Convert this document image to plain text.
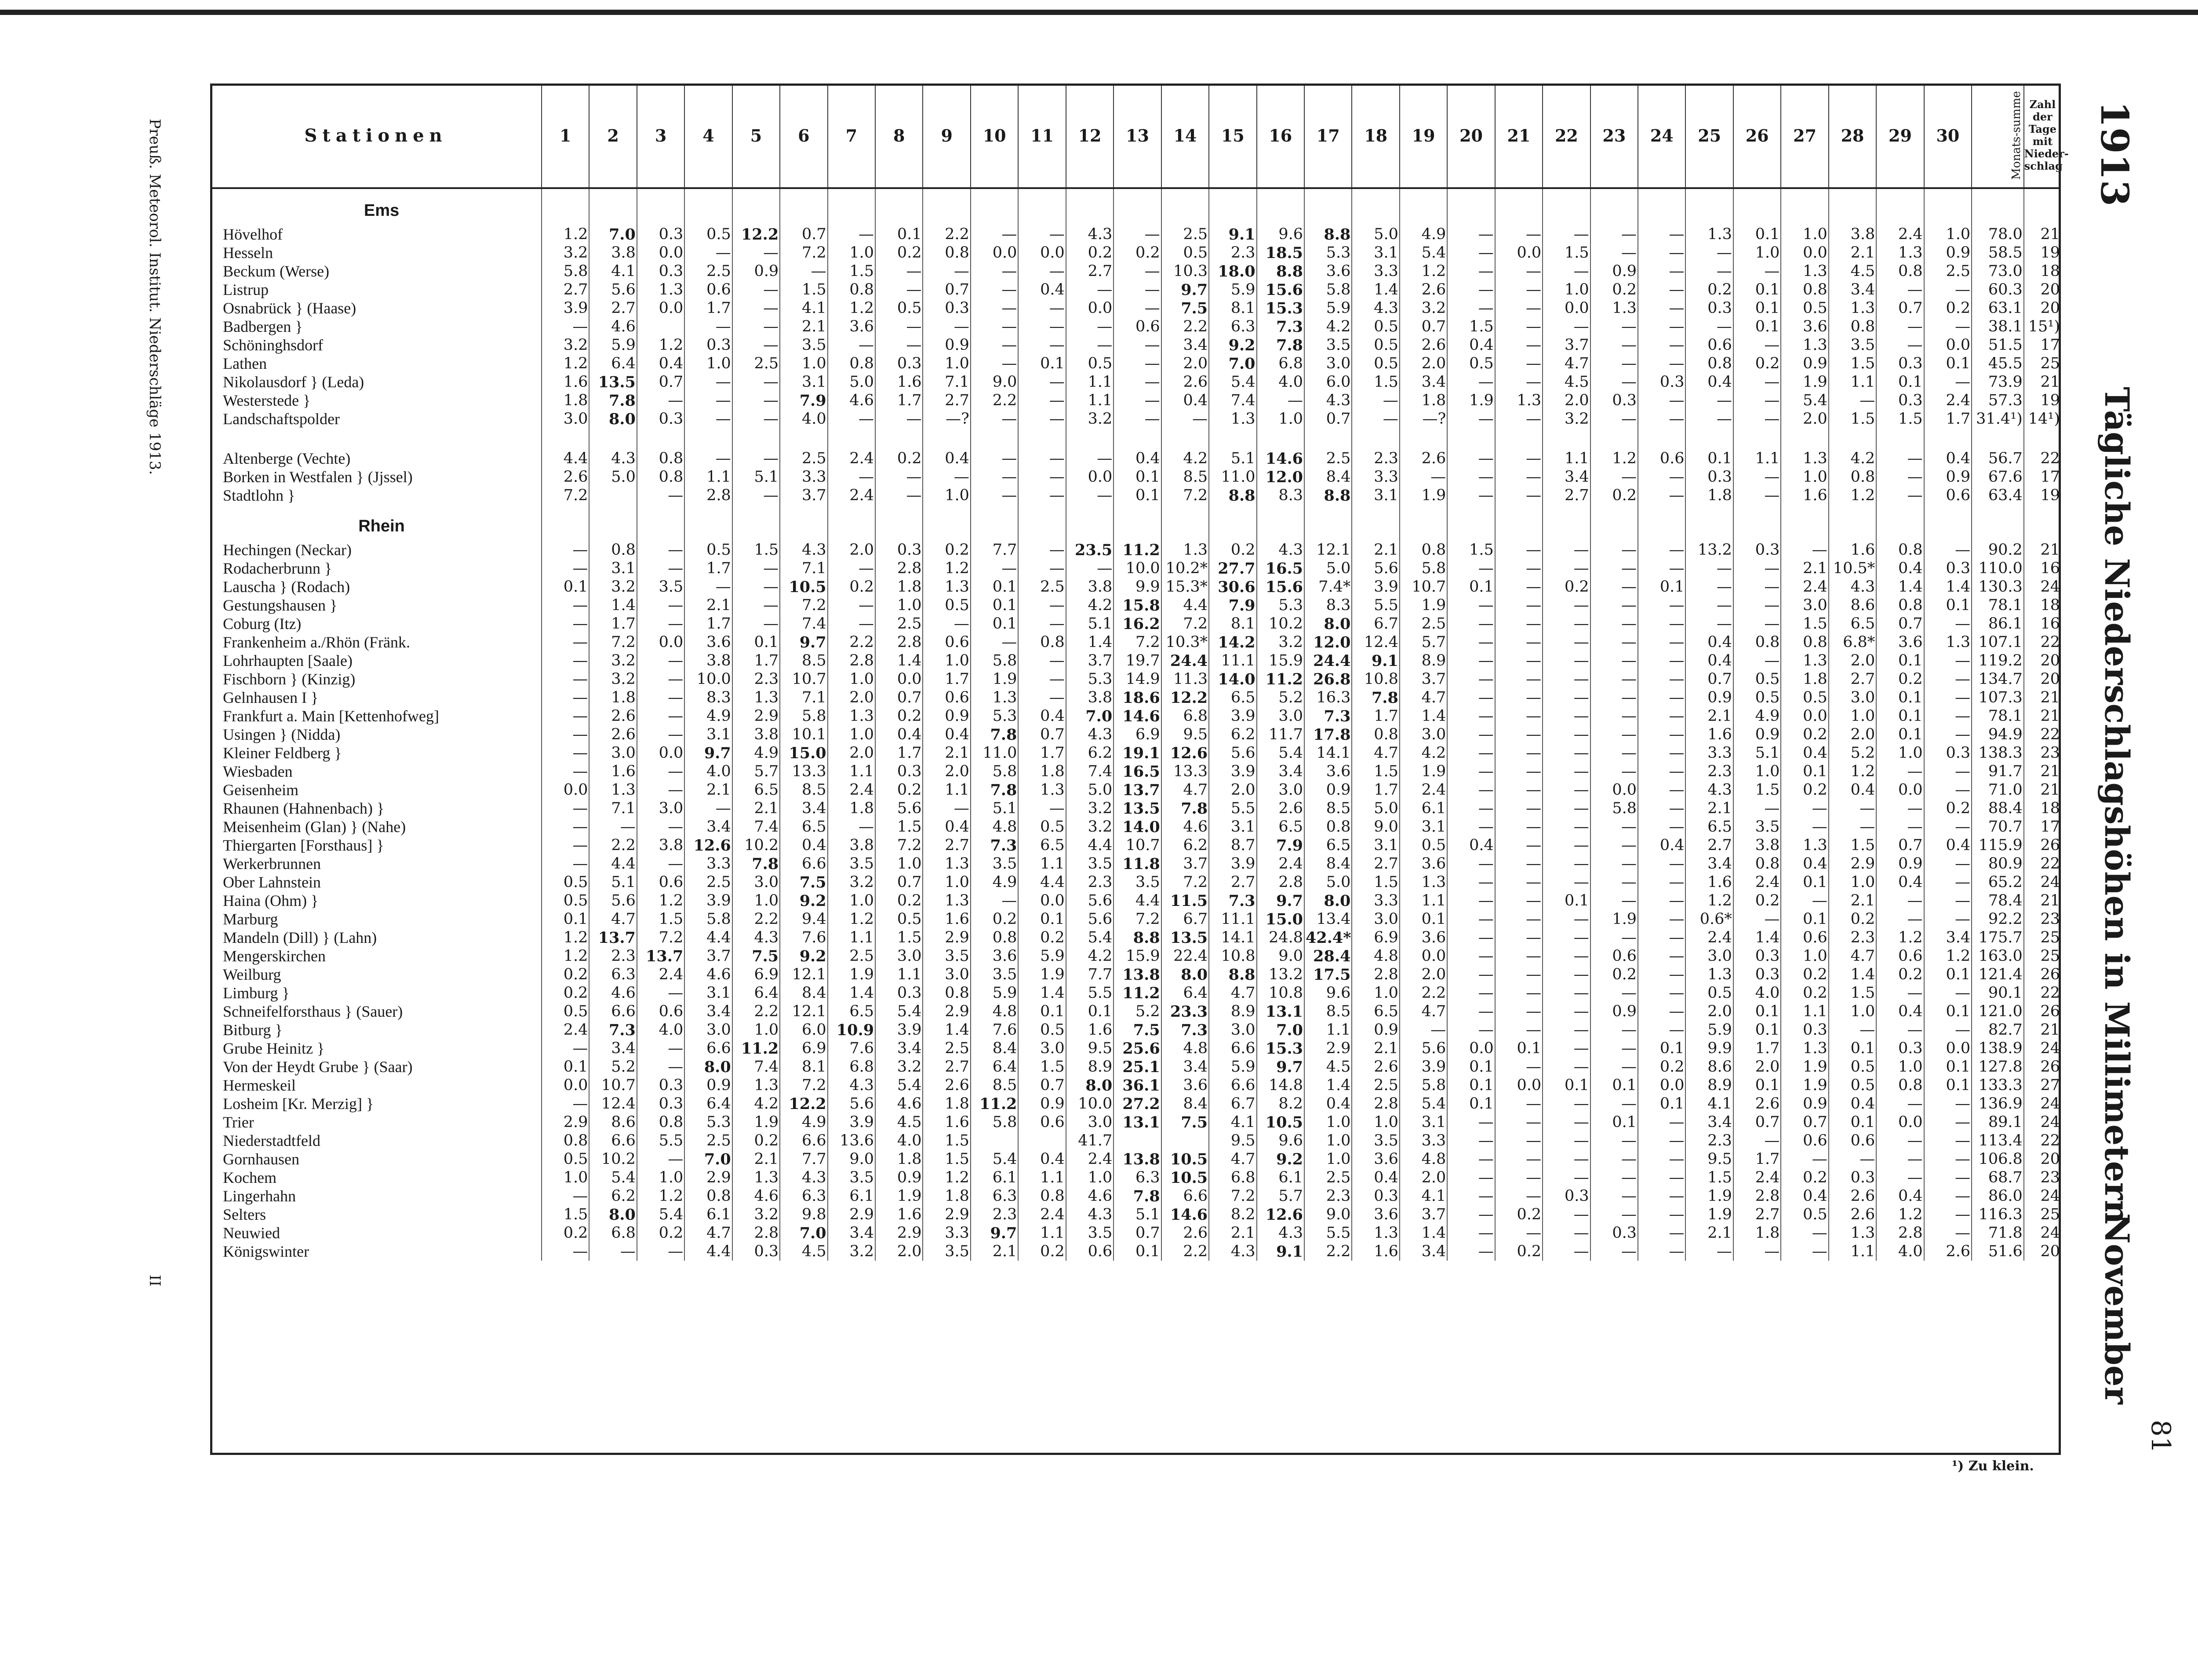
Preuß. Meteorol. Institut. Niederschläge 1913.
II
1913
Tägliche Niederschlagshöhen in Millimetern
November
81
Stationen	1	2	3	4	5	6	7	8	9	10	11	12	13	14	15	16	17	18	19	20	21	22	23	24	25	26	27	28	29	30	Monats-summe	Zahl der Tage mit Nieder-schlag
Ems																																
Hövelhof	1.2	7.0	0.3	0.5	12.2	0.7	—	0.1	2.2	—	—	4.3	—	2.5	9.1	9.6	8.8	5.0	4.9	—	—	—	—	—	1.3	0.1	1.0	3.8	2.4	1.0	78.0	21
Hesseln	3.2	3.8	0.0	—	—	7.2	1.0	0.2	0.8	0.0	0.0	0.2	0.2	0.5	2.3	18.5	5.3	3.1	5.4	—	0.0	1.5	—	—	—	1.0	0.0	2.1	1.3	0.9	58.5	19
Beckum (Werse)	5.8	4.1	0.3	2.5	0.9	—	1.5	—	—	—	—	2.7	—	10.3	18.0	8.8	3.6	3.3	1.2	—	—	—	0.9	—	—	—	1.3	4.5	0.8	2.5	73.0	18
Listrup	2.7	5.6	1.3	0.6	—	1.5	0.8	—	0.7	—	0.4	—	—	9.7	5.9	15.6	5.8	1.4	2.6	—	—	1.0	0.2	—	0.2	0.1	0.8	3.4	—	—	60.3	20
Osnabrück } (Haase)	3.9	2.7	0.0	1.7	—	4.1	1.2	0.5	0.3	—	—	0.0	—	7.5	8.1	15.3	5.9	4.3	3.2	—	—	0.0	1.3	—	0.3	0.1	0.5	1.3	0.7	0.2	63.1	20
Badbergen }	—	4.6		—	—	2.1	3.6	—	—	—	—	—	0.6	2.2	6.3	7.3	4.2	0.5	0.7	1.5	—	—	—	—	—	0.1	3.6	0.8	—	—	38.1	15¹)
Schöninghsdorf	3.2	5.9	1.2	0.3	—	3.5	—	—	0.9	—	—	—	—	3.4	9.2	7.8	3.5	0.5	2.6	0.4	—	3.7	—	—	0.6	—	1.3	3.5	—	0.0	51.5	17
Lathen	1.2	6.4	0.4	1.0	2.5	1.0	0.8	0.3	1.0	—	0.1	0.5	—	2.0	7.0	6.8	3.0	0.5	2.0	0.5	—	4.7	—	—	0.8	0.2	0.9	1.5	0.3	0.1	45.5	25
Nikolausdorf } (Leda)	1.6	13.5	0.7	—	—	3.1	5.0	1.6	7.1	9.0	—	1.1	—	2.6	5.4	4.0	6.0	1.5	3.4	—	—	4.5	—	0.3	0.4	—	1.9	1.1	0.1	—	73.9	21
Westerstede }	1.8	7.8	—	—	—	7.9	4.6	1.7	2.7	2.2	—	1.1	—	0.4	7.4	—	4.3	—	1.8	1.9	1.3	2.0	0.3	—	—	—	5.4	—	0.3	2.4	57.3	19
Landschaftspolder	3.0	8.0	0.3	—	—	4.0	—	—	—?	—	—	3.2	—	—	1.3	1.0	0.7	—	—?	—	—	3.2	—	—	—	—	2.0	1.5	1.5	1.7	31.4¹)	14¹)

Altenberge (Vechte)	4.4	4.3	0.8	—	—	2.5	2.4	0.2	0.4	—	—	—	0.4	4.2	5.1	14.6	2.5	2.3	2.6	—	—	1.1	1.2	0.6	0.1	1.1	1.3	4.2	—	0.4	56.7	22
Borken in Westfalen } (Jjssel)	2.6	5.0	0.8	1.1	5.1	3.3	—	—	—	—	—	0.0	0.1	8.5	11.0	12.0	8.4	3.3	—	—	—	3.4	—	—	0.3	—	1.0	0.8	—	0.9	67.6	17
Stadtlohn }	7.2		—	2.8	—	3.7	2.4	—	1.0	—	—	—	0.1	7.2	8.8	8.3	8.8	3.1	1.9	—	—	2.7	0.2	—	1.8	—	1.6	1.2	—	0.6	63.4	19
Rhein																																
Hechingen (Neckar)	—	0.8	—	0.5	1.5	4.3	2.0	0.3	0.2	7.7	—	23.5	11.2	1.3	0.2	4.3	12.1	2.1	0.8	1.5	—	—	—	—	13.2	0.3	—	1.6	0.8	—	90.2	21
Rodacherbrunn }	—	3.1	—	1.7	—	7.1	—	2.8	1.2	—	—	—	10.0	10.2*	27.7	16.5	5.0	5.6	5.8	—	—	—	—	—	—	—	2.1	10.5*	0.4	0.3	110.0	16
Lauscha } (Rodach)	0.1	3.2	3.5	—	—	10.5	0.2	1.8	1.3	0.1	2.5	3.8	9.9	15.3*	30.6	15.6	7.4*	3.9	10.7	0.1	—	0.2	—	0.1	—	—	2.4	4.3	1.4	1.4	130.3	24
Gestungshausen }	—	1.4	—	2.1	—	7.2	—	1.0	0.5	0.1	—	4.2	15.8	4.4	7.9	5.3	8.3	5.5	1.9	—	—	—	—	—	—	—	3.0	8.6	0.8	0.1	78.1	18
Coburg (Itz)	—	1.7	—	1.7	—	7.4	—	2.5	—	0.1	—	5.1	16.2	7.2	8.1	10.2	8.0	6.7	2.5	—	—	—	—	—	—	—	1.5	6.5	0.7	—	86.1	16
Frankenheim a./Rhön (Fränk.	—	7.2	0.0	3.6	0.1	9.7	2.2	2.8	0.6	—	0.8	1.4	7.2	10.3*	14.2	3.2	12.0	12.4	5.7	—	—	—	—	—	0.4	0.8	0.8	6.8*	3.6	1.3	107.1	22
Lohrhaupten [Saale)	—	3.2	—	3.8	1.7	8.5	2.8	1.4	1.0	5.8	—	3.7	19.7	24.4	11.1	15.9	24.4	9.1	8.9	—	—	—	—	—	0.4	—	1.3	2.0	0.1	—	119.2	20
Fischborn } (Kinzig)	—	3.2	—	10.0	2.3	10.7	1.0	0.0	1.7	1.9	—	5.3	14.9	11.3	14.0	11.2	26.8	10.8	3.7	—	—	—	—	—	0.7	0.5	1.8	2.7	0.2	—	134.7	20
Gelnhausen I }	—	1.8	—	8.3	1.3	7.1	2.0	0.7	0.6	1.3	—	3.8	18.6	12.2	6.5	5.2	16.3	7.8	4.7	—	—	—	—	—	0.9	0.5	0.5	3.0	0.1	—	107.3	21
Frankfurt a. Main [Kettenhofweg]	—	2.6	—	4.9	2.9	5.8	1.3	0.2	0.9	5.3	0.4	7.0	14.6	6.8	3.9	3.0	7.3	1.7	1.4	—	—	—	—	—	2.1	4.9	0.0	1.0	0.1	—	78.1	21
Usingen } (Nidda)	—	2.6	—	3.1	3.8	10.1	1.0	0.4	0.4	7.8	0.7	4.3	6.9	9.5	6.2	11.7	17.8	0.8	3.0	—	—	—	—	—	1.6	0.9	0.2	2.0	0.1	—	94.9	22
Kleiner Feldberg }	—	3.0	0.0	9.7	4.9	15.0	2.0	1.7	2.1	11.0	1.7	6.2	19.1	12.6	5.6	5.4	14.1	4.7	4.2	—	—	—	—	—	3.3	5.1	0.4	5.2	1.0	0.3	138.3	23
Wiesbaden	—	1.6	—	4.0	5.7	13.3	1.1	0.3	2.0	5.8	1.8	7.4	16.5	13.3	3.9	3.4	3.6	1.5	1.9	—	—	—	—	—	2.3	1.0	0.1	1.2	—	—	91.7	21
Geisenheim	0.0	1.3	—	2.1	6.5	8.5	2.4	0.2	1.1	7.8	1.3	5.0	13.7	4.7	2.0	3.0	0.9	1.7	2.4	—	—	—	0.0	—	4.3	1.5	0.2	0.4	0.0	—	71.0	21
Rhaunen (Hahnenbach) }	—	7.1	3.0	—	2.1	3.4	1.8	5.6	—	5.1	—	3.2	13.5	7.8	5.5	2.6	8.5	5.0	6.1	—	—	—	5.8	—	2.1	—	—	—	—	0.2	88.4	18
Meisenheim (Glan) } (Nahe)	—	—	—	3.4	7.4	6.5	—	1.5	0.4	4.8	0.5	3.2	14.0	4.6	3.1	6.5	0.8	9.0	3.1	—	—	—	—	—	6.5	3.5	—	—	—	—	70.7	17
Thiergarten [Forsthaus] }	—	2.2	3.8	12.6	10.2	0.4	3.8	7.2	2.7	7.3	6.5	4.4	10.7	6.2	8.7	7.9	6.5	3.1	0.5	0.4	—	—	—	0.4	2.7	3.8	1.3	1.5	0.7	0.4	115.9	26
Werkerbrunnen	—	4.4	—	3.3	7.8	6.6	3.5	1.0	1.3	3.5	1.1	3.5	11.8	3.7	3.9	2.4	8.4	2.7	3.6	—	—	—	—	—	3.4	0.8	0.4	2.9	0.9	—	80.9	22
Ober Lahnstein	0.5	5.1	0.6	2.5	3.0	7.5	3.2	0.7	1.0	4.9	4.4	2.3	3.5	7.2	2.7	2.8	5.0	1.5	1.3	—	—	—	—	—	1.6	2.4	0.1	1.0	0.4	—	65.2	24
Haina (Ohm) }	0.5	5.6	1.2	3.9	1.0	9.2	1.0	0.2	1.3	—	0.0	5.6	4.4	11.5	7.3	9.7	8.0	3.3	1.1	—	—	0.1	—	—	1.2	0.2	—	2.1	—	—	78.4	21
Marburg	0.1	4.7	1.5	5.8	2.2	9.4	1.2	0.5	1.6	0.2	0.1	5.6	7.2	6.7	11.1	15.0	13.4	3.0	0.1	—	—	—	1.9	—	0.6*	—	0.1	0.2	—	—	92.2	23
Mandeln (Dill) } (Lahn)	1.2	13.7	7.2	4.4	4.3	7.6	1.1	1.5	2.9	0.8	0.2	5.4	8.8	13.5	14.1	24.8	42.4*	6.9	3.6	—	—	—	—	—	2.4	1.4	0.6	2.3	1.2	3.4	175.7	25
Mengerskirchen	1.2	2.3	13.7	3.7	7.5	9.2	2.5	3.0	3.5	3.6	5.9	4.2	15.9	22.4	10.8	9.0	28.4	4.8	0.0	—	—	—	0.6	—	3.0	0.3	1.0	4.7	0.6	1.2	163.0	25
Weilburg	0.2	6.3	2.4	4.6	6.9	12.1	1.9	1.1	3.0	3.5	1.9	7.7	13.8	8.0	8.8	13.2	17.5	2.8	2.0	—	—	—	0.2	—	1.3	0.3	0.2	1.4	0.2	0.1	121.4	26
Limburg }	0.2	4.6	—	3.1	6.4	8.4	1.4	0.3	0.8	5.9	1.4	5.5	11.2	6.4	4.7	10.8	9.6	1.0	2.2	—	—	—	—	—	0.5	4.0	0.2	1.5	—	—	90.1	22
Schneifelforsthaus } (Sauer)	0.5	6.6	0.6	3.4	2.2	12.1	6.5	5.4	2.9	4.8	0.1	0.1	5.2	23.3	8.9	13.1	8.5	6.5	4.7	—	—	—	0.9	—	2.0	0.1	1.1	1.0	0.4	0.1	121.0	26
Bitburg }	2.4	7.3	4.0	3.0	1.0	6.0	10.9	3.9	1.4	7.6	0.5	1.6	7.5	7.3	3.0	7.0	1.1	0.9	—	—	—	—	—	—	5.9	0.1	0.3	—	—	—	82.7	21
Grube Heinitz }	—	3.4	—	6.6	11.2	6.9	7.6	3.4	2.5	8.4	3.0	9.5	25.6	4.8	6.6	15.3	2.9	2.1	5.6	0.0	0.1	—	—	0.1	9.9	1.7	1.3	0.1	0.3	0.0	138.9	24
Von der Heydt Grube } (Saar)	0.1	5.2	—	8.0	7.4	8.1	6.8	3.2	2.7	6.4	1.5	8.9	25.1	3.4	5.9	9.7	4.5	2.6	3.9	0.1	—	—	—	0.2	8.6	2.0	1.9	0.5	1.0	0.1	127.8	26
Hermeskeil	0.0	10.7	0.3	0.9	1.3	7.2	4.3	5.4	2.6	8.5	0.7	8.0	36.1	3.6	6.6	14.8	1.4	2.5	5.8	0.1	0.0	0.1	0.1	0.0	8.9	0.1	1.9	0.5	0.8	0.1	133.3	27
Losheim [Kr. Merzig] }	—	12.4	0.3	6.4	4.2	12.2	5.6	4.6	1.8	11.2	0.9	10.0	27.2	8.4	6.7	8.2	0.4	2.8	5.4	0.1	—	—	—	0.1	4.1	2.6	0.9	0.4	—	—	136.9	24
Trier	2.9	8.6	0.8	5.3	1.9	4.9	3.9	4.5	1.6	5.8	0.6	3.0	13.1	7.5	4.1	10.5	1.0	1.0	3.1	—	—	—	0.1	—	3.4	0.7	0.7	0.1	0.0	—	89.1	24
Niederstadtfeld	0.8	6.6	5.5	2.5	0.2	6.6	13.6	4.0	1.5			41.7			9.5	9.6	1.0	3.5	3.3	—	—	—	—	—	2.3	—	0.6	0.6	—	—	113.4	22
Gornhausen	0.5	10.2	—	7.0	2.1	7.7	9.0	1.8	1.5	5.4	0.4	2.4	13.8	10.5	4.7	9.2	1.0	3.6	4.8	—	—	—	—	—	9.5	1.7	—	—	—	—	106.8	20
Kochem	1.0	5.4	1.0	2.9	1.3	4.3	3.5	0.9	1.2	6.1	1.1	1.0	6.3	10.5	6.8	6.1	2.5	0.4	2.0	—	—	—	—	—	1.5	2.4	0.2	0.3	—	—	68.7	23
Lingerhahn	—	6.2	1.2	0.8	4.6	6.3	6.1	1.9	1.8	6.3	0.8	4.6	7.8	6.6	7.2	5.7	2.3	0.3	4.1	—	—	0.3	—	—	1.9	2.8	0.4	2.6	0.4	—	86.0	24
Selters	1.5	8.0	5.4	6.1	3.2	9.8	2.9	1.6	2.9	2.3	2.4	4.3	5.1	14.6	8.2	12.6	9.0	3.6	3.7	—	0.2	—	—	—	1.9	2.7	0.5	2.6	1.2	—	116.3	25
Neuwied	0.2	6.8	0.2	4.7	2.8	7.0	3.4	2.9	3.3	9.7	1.1	3.5	0.7	2.6	2.1	4.3	5.5	1.3	1.4	—	—	—	0.3	—	2.1	1.8	—	1.3	2.8	—	71.8	24
Königswinter	—	—	—	4.4	0.3	4.5	3.2	2.0	3.5	2.1	0.2	0.6	0.1	2.2	4.3	9.1	2.2	1.6	3.4	—	0.2	—	—	—	—	—	—	1.1	4.0	2.6	51.6	20
¹) Zu klein.
